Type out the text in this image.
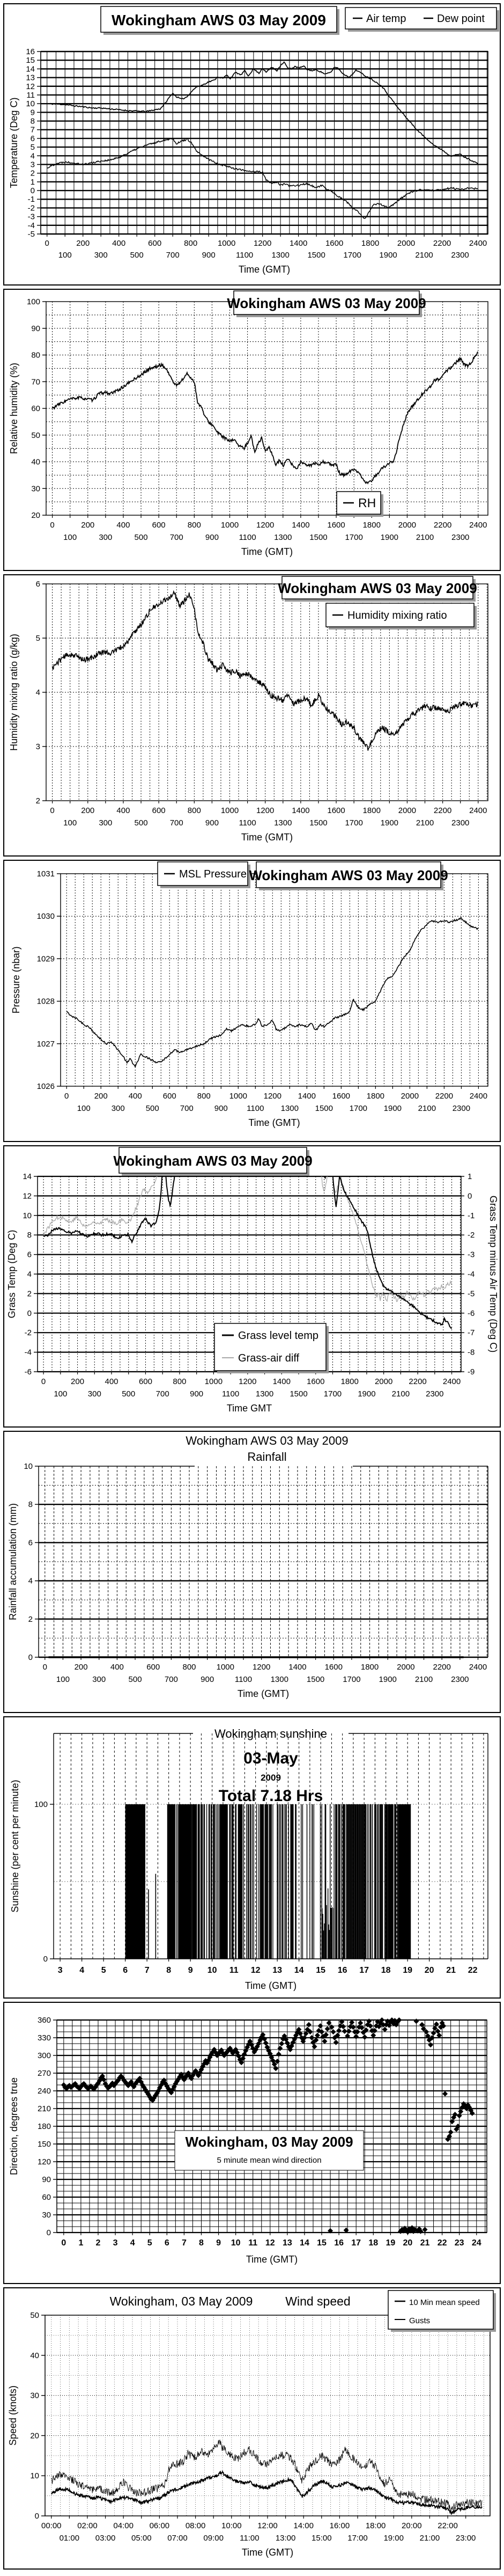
-5
-4
-3
-2
-1
0
1
2
3
4
5
6
7
8
9
10
11
12
13
14
15
16
Temperature (Deg C)
0	200	400	600	800	1000 1200 1400 1600 1800 2000 2200 2400
100	300	500	700	900	1100 1300 1500 1700 1900 2100 2300
Time (GMT)
Wokingham AWS 03 May 2009	Air temp	Dew point
20
30
40
50
60
70
80
90
100
Relative humidity (%)
0	200	400	600	800 1000 1200 1400 1600 1800 2000 2200 2400
100	300	500	700	900	1100 1300 1500 1700 1900 2100 2300
Time (GMT)
Wokingham AWS 03 May 2009
RH
2
3
4
5
6
Humidity mixing ratio (g/kg)
0	200	400	600	800 1000 1200 1400 1600 1800 2000 2200 2400
100	300	500	700	900	1100 1300 1500 1700 1900 2100 2300
Time (GMT)
Wokingham AWS 03 May 2009
Humidity mixing ratio
1026
1027
1028
1029
1030
1031
Pressure (nbar)
0	200	400	600	800 1000 1200 1400 1600 1800 2000 2200 2400
100	300	500	700	900 1100 1300 1500 1700 1900 2100 2300
Time (GMT)
MSL Pressure Wokingham AWS 03 May 2009
-6
-4
-2
0
2
4
6
8
10
12
14
-9
-8
-7
-6
-5
-4
-3
-2
-1
0
1
Grass Temp (Deg C)	Grass Temp minus Air Temp (Deg C)
0	200	400	600	800 1000 1200 1400 1600 1800 2000 2200 2400
100	300	500	700	900 1100 1300 1500 1700 1900 2100 2300
Time GMT
Wokingham AWS 03 May 2009
Grass level temp
Grass-air diff
0
2
4
6
8
10
Rainfall accumulation (mm)
0	200	400	600	800	1000 1200 1400 1600 1800 2000 2200 2400
100	300	500	700	900	1100 1300 1500 1700 1900 2100 2300
Time (GMT)
Wokingham AWS 03 May 2009
Rainfall
100
0
Sunshine (per cent per minute)
3 4 5 6 7 8 9 10 11 12 13 14 15 16 17 18 19 20 21 22
Time (GMT)
Wokingham sunshine
03-May
2009
Total 7.18 Hrs
0
30
60
90
120
150
180
210
240
270
300
330
360
Direction, degrees true
0 1 2 3 4 5 6 7 8 9 10 11 12 13 14 15 16 17 18 19 20 21 22 23 24
Time (GMT)
Wokingham, 03 May 2009
5 minute mean wind direction
0
10
20
30
40
50
Speed (knots)
00:00 02:00 04:00 06:00 08:00 10:00 12:00 14:00 16:00 18:00 20:00 22:00
01:00 03:00 05:00 07:00 09:00 11:00 13:00 15:00 17:00 19:00 21:00 23:00
Time (GMT)
Wokingham, 03 May 2009	Wind speed	10 Min mean speed
Gusts
